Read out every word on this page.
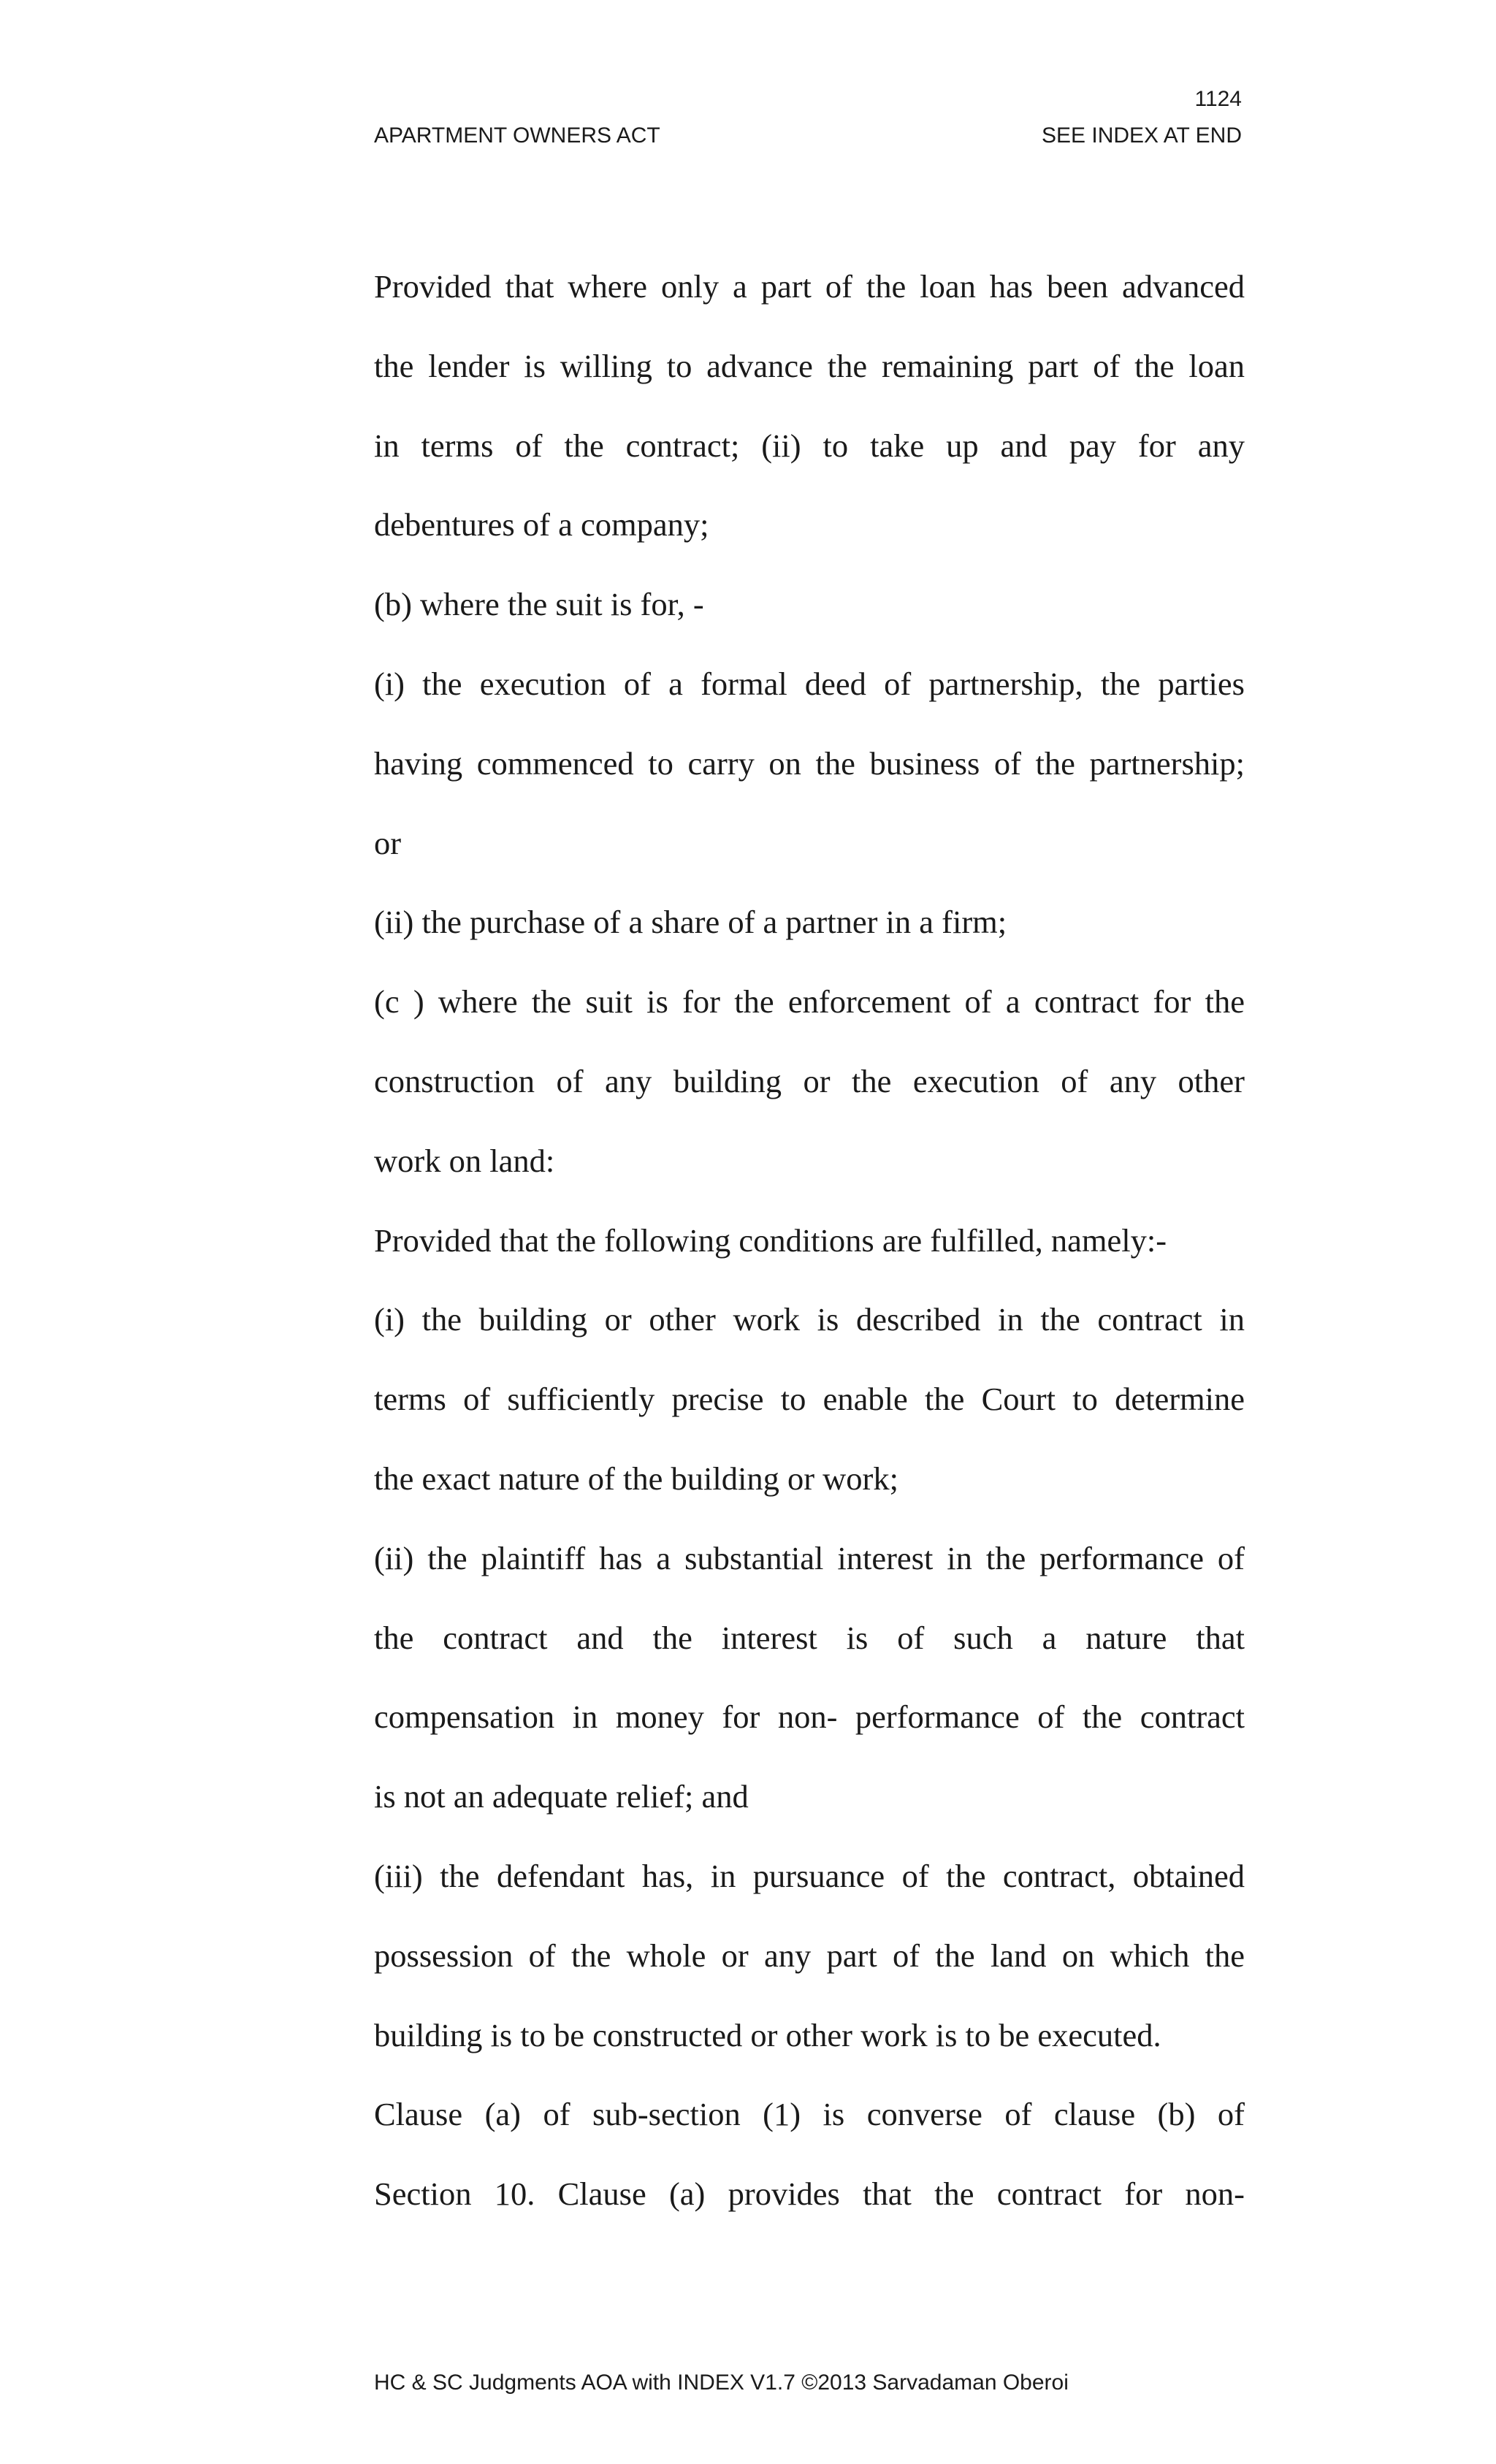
1124
APARTMENT OWNERS ACT	SEE INDEX AT END
Provided that where only a part of the loan has been advanced
the lender is willing to advance the remaining part of the loan
in terms of the contract; (ii) to take up and pay for any
debentures of a company;
(b) where the suit is for, -
(i) the execution of a formal deed of partnership, the parties
having commenced to carry on the business of the partnership;
or
(ii) the purchase of a share of a partner in a firm;
(c ) where the suit is for the enforcement of a contract for the
construction of any building or the execution of any other
work on land:
Provided that the following conditions are fulfilled, namely:-
(i) the building or other work is described in the contract in
terms of sufficiently precise to enable the Court to determine
the exact nature of the building or work;
(ii) the plaintiff has a substantial interest in the performance of
the contract and the interest is of such a nature that
compensation in money for non- performance of the contract
is not an adequate relief; and
(iii) the defendant has, in pursuance of the contract, obtained
possession of the whole or any part of the land on which the
building is to be constructed or other work is to be executed.
Clause (a) of sub-section (1) is converse of clause (b) of
Section 10. Clause (a) provides that the contract for non-
HC & SC Judgments AOA with INDEX V1.7 ©2013 Sarvadaman Oberoi
